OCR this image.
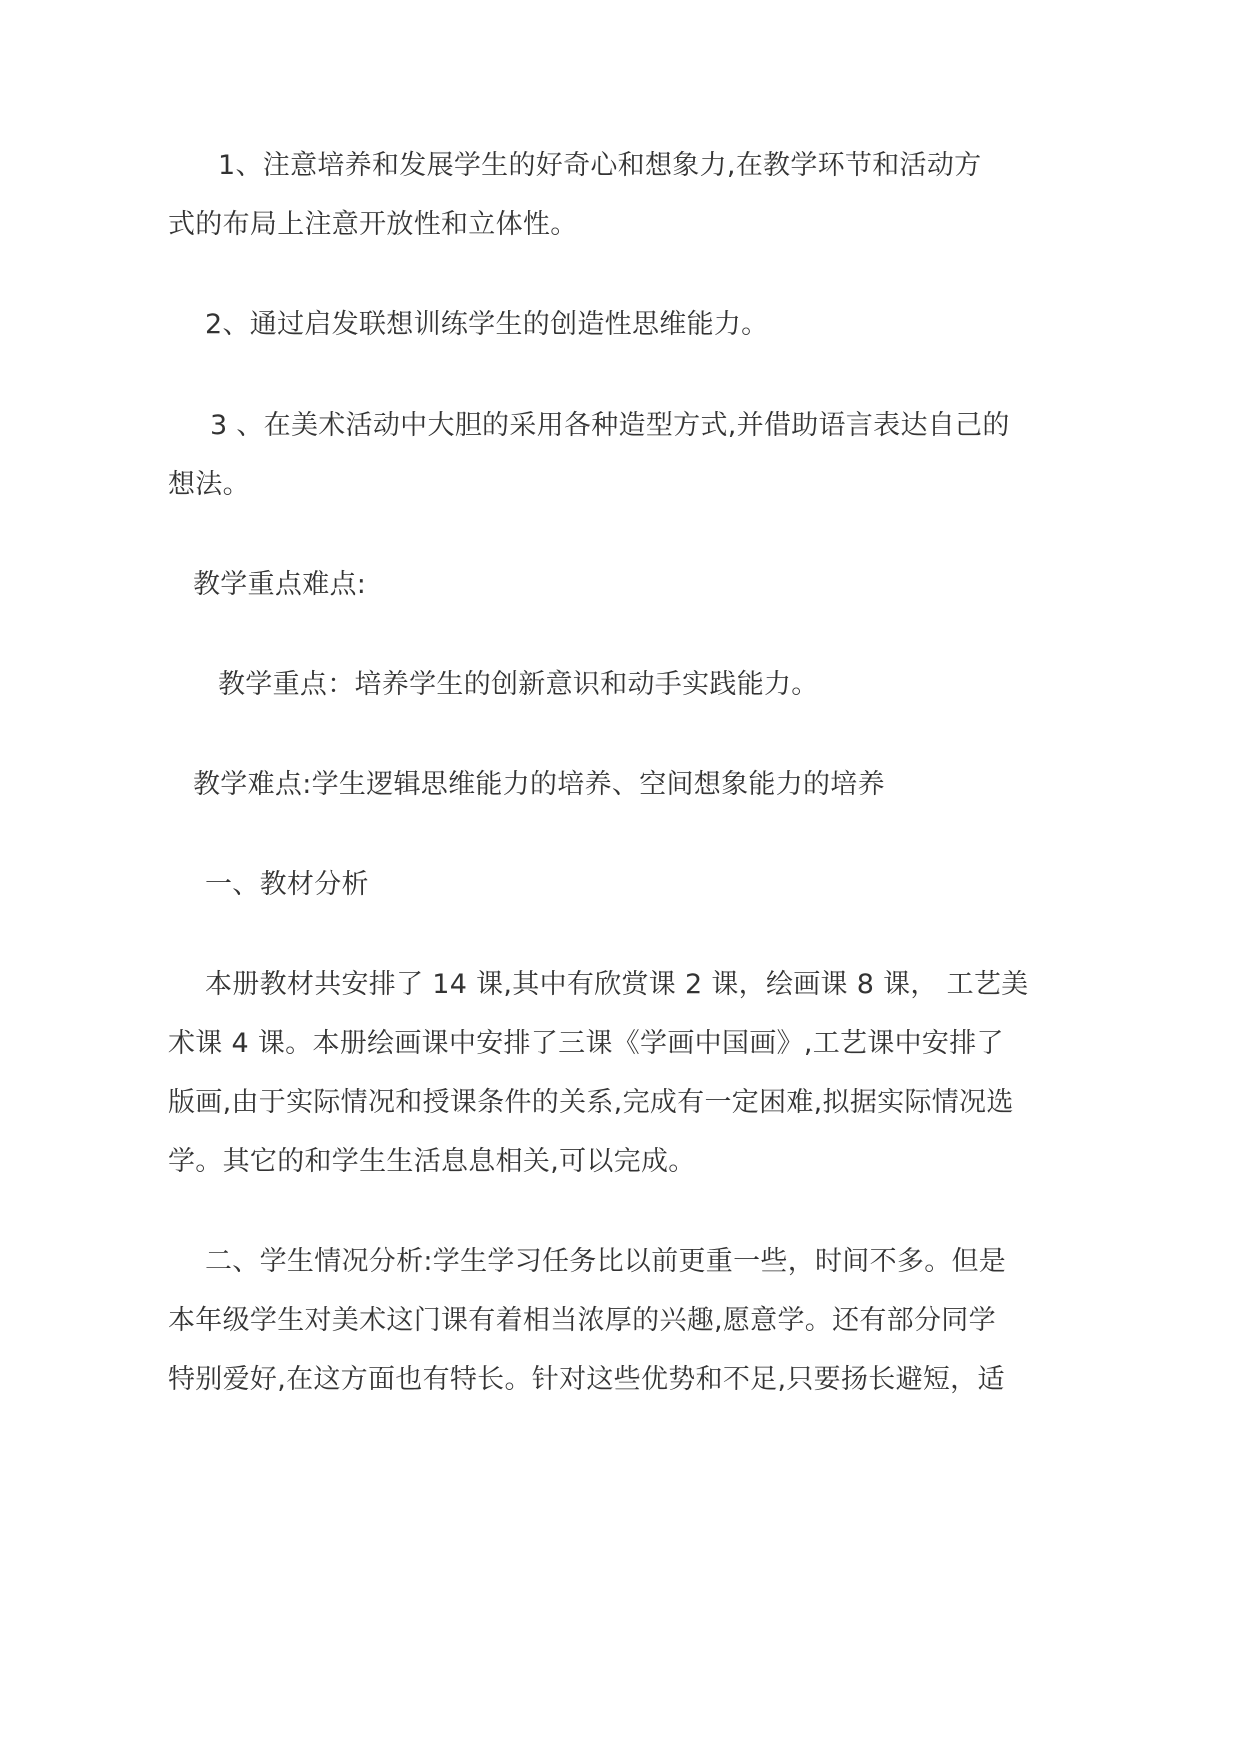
1、注意培养和发展学生的好奇心和想象力,在教学环节和活动方
式的布局上注意开放性和立体性。
2、通过启发联想训练学生的创造性思维能力。
3 、在美术活动中大胆的采用各种造型方式,并借助语言表达自己的
想法。
教学重点难点:
教学重点：培养学生的创新意识和动手实践能力。
教学难点:学生逻辑思维能力的培养、空间想象能力的培养
一、教材分析
本册教材共安排了 14 课,其中有欣赏课 2 课，绘画课 8 课， 工艺美
术课 4 课。本册绘画课中安排了三课《学画中国画》,工艺课中安排了
版画,由于实际情况和授课条件的关系,完成有一定困难,拟据实际情况选
学。其它的和学生生活息息相关,可以完成。
二、学生情况分析:学生学习任务比以前更重一些，时间不多。但是
本年级学生对美术这门课有着相当浓厚的兴趣,愿意学。还有部分同学
特别爱好,在这方面也有特长。针对这些优势和不足,只要扬长避短，适
